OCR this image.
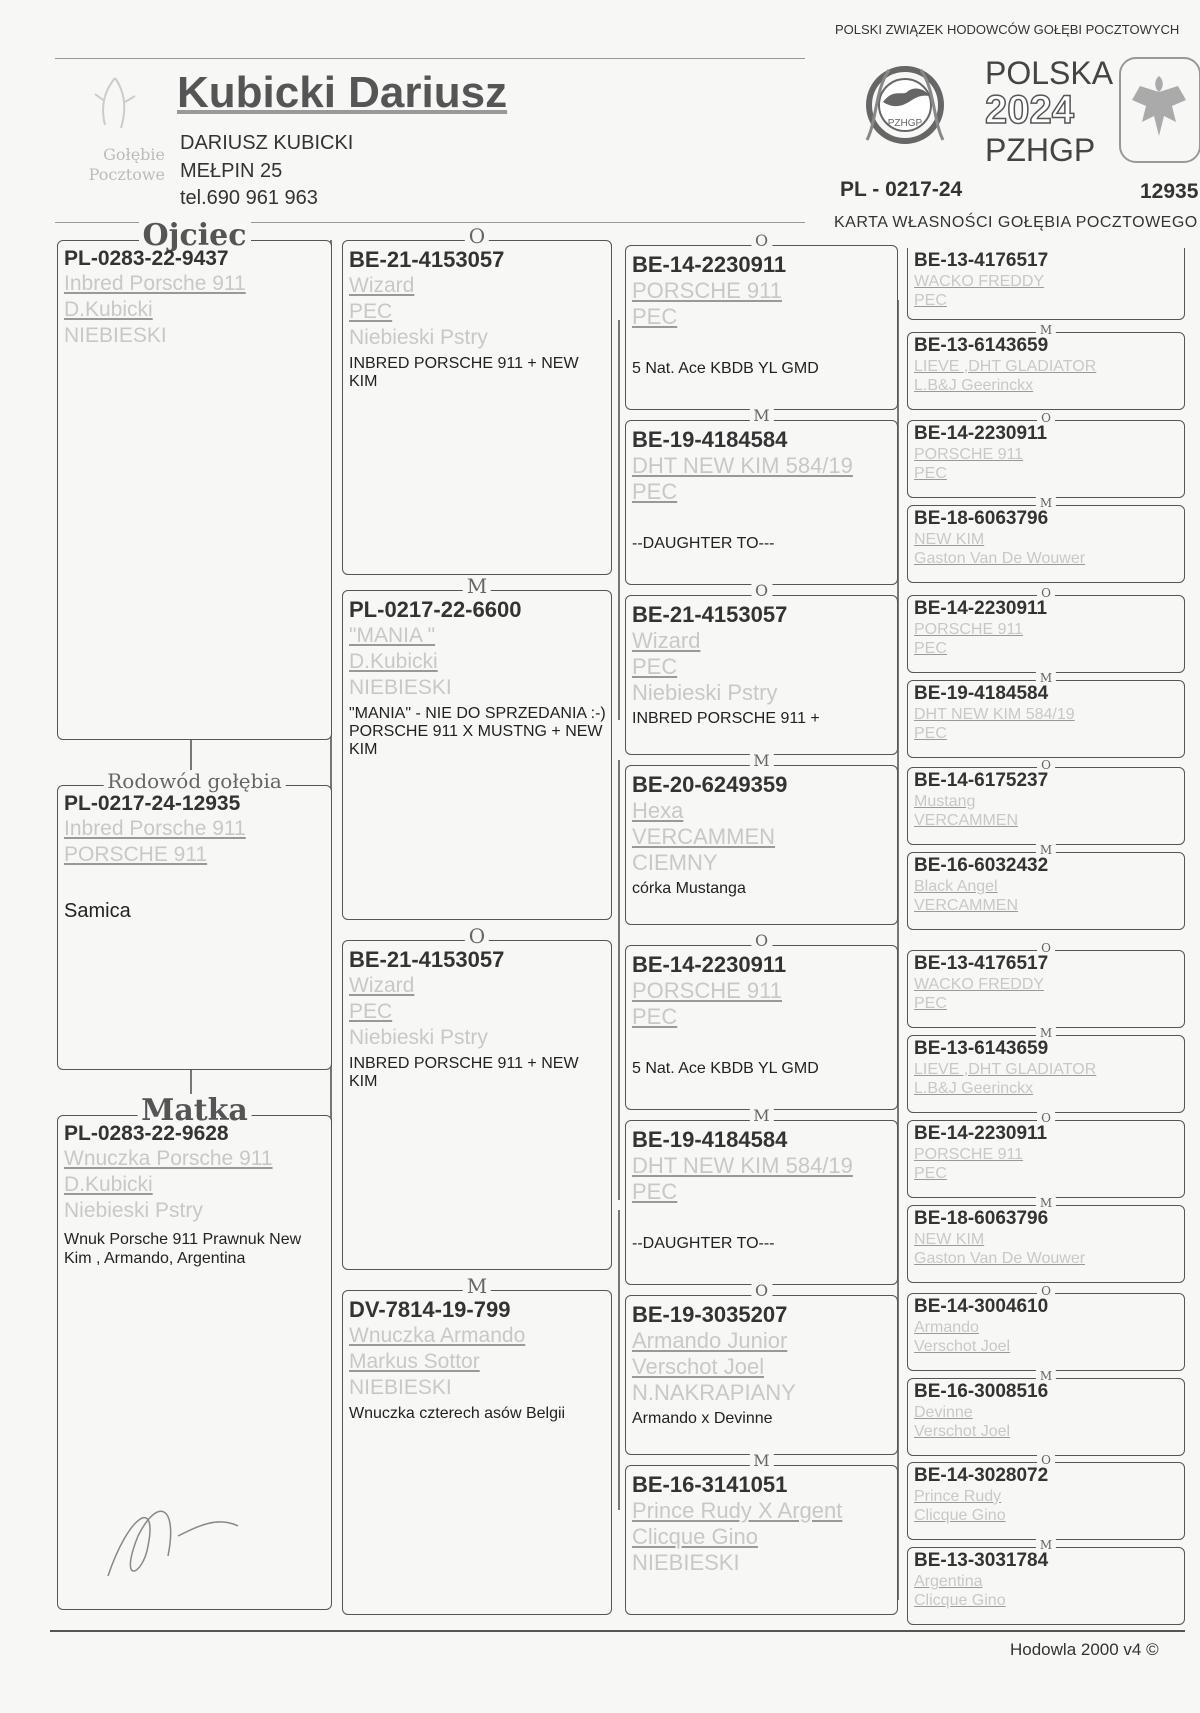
Gołębie Pocztowe
Kubicki Dariusz
DARIUSZ KUBICKI
MEŁPIN 25
tel.690 961 963
POLSKI ZWIĄZEK HODOWCÓW GOŁĘBI POCZTOWYCH
PZHGP
POLSKA
2024
PZHGP
PL - 0217-24	12935
KARTA WŁASNOŚCI GOŁĘBIA POCZTOWEGO
Ojciec
PL-0283-22-9437
Inbred Porsche 911
D.Kubicki
NIEBIESKI
Rodowód gołębia
PL-0217-24-12935
Inbred Porsche 911
PORSCHE 911
Samica
Matka
PL-0283-22-9628
Wnuczka Porsche 911
D.Kubicki
Niebieski Pstry
Wnuk Porsche 911 Prawnuk New Kim , Armando, Argentina
O
BE-21-4153057
Wizard
PEC
Niebieski Pstry
INBRED PORSCHE 911 + NEW KIM
M
PL-0217-22-6600
"MANIA "
D.Kubicki
NIEBIESKI
"MANIA" - NIE DO SPRZEDANIA :-) PORSCHE 911 X MUSTNG + NEW KIM
O
BE-21-4153057
Wizard
PEC
Niebieski Pstry
INBRED PORSCHE 911 + NEW KIM
M
DV-7814-19-799
Wnuczka Armando
Markus Sottor
NIEBIESKI
Wnuczka czterech asów Belgii
O
BE-14-2230911
PORSCHE 911
PEC
5 Nat. Ace KBDB YL GMD
M
BE-19-4184584
DHT NEW KIM 584/19
PEC
--DAUGHTER TO---
O
BE-21-4153057
Wizard
PEC
Niebieski Pstry
INBRED PORSCHE 911 +
M
BE-20-6249359
Hexa
VERCAMMEN
CIEMNY
córka Mustanga
O
BE-14-2230911
PORSCHE 911
PEC
5 Nat. Ace KBDB YL GMD
M
BE-19-4184584
DHT NEW KIM 584/19
PEC
--DAUGHTER TO---
O
BE-19-3035207
Armando Junior
Verschot Joel
N.NAKRAPIANY
Armando x Devinne
M
BE-16-3141051
Prince Rudy X Argent
Clicque Gino
NIEBIESKI
BE-13-4176517
WACKO FREDDY
PEC
M
BE-13-6143659
LIEVE ,DHT GLADIATOR
L.B&J Geerinckx
O
BE-14-2230911
PORSCHE 911
PEC
M
BE-18-6063796
NEW KIM
Gaston Van De Wouwer
O
BE-14-2230911
PORSCHE 911
PEC
M
BE-19-4184584
DHT NEW KIM 584/19
PEC
O
BE-14-6175237
Mustang
VERCAMMEN
M
BE-16-6032432
Black Angel
VERCAMMEN
O
BE-13-4176517
WACKO FREDDY
PEC
M
BE-13-6143659
LIEVE ,DHT GLADIATOR
L.B&J Geerinckx
O
BE-14-2230911
PORSCHE 911
PEC
M
BE-18-6063796
NEW KIM
Gaston Van De Wouwer
O
BE-14-3004610
Armando
Verschot Joel
M
BE-16-3008516
Devinne
Verschot Joel
O
BE-14-3028072
Prince Rudy
Clicque Gino
M
BE-13-3031784
Argentina
Clicque Gino
Hodowla 2000 v4 ©
